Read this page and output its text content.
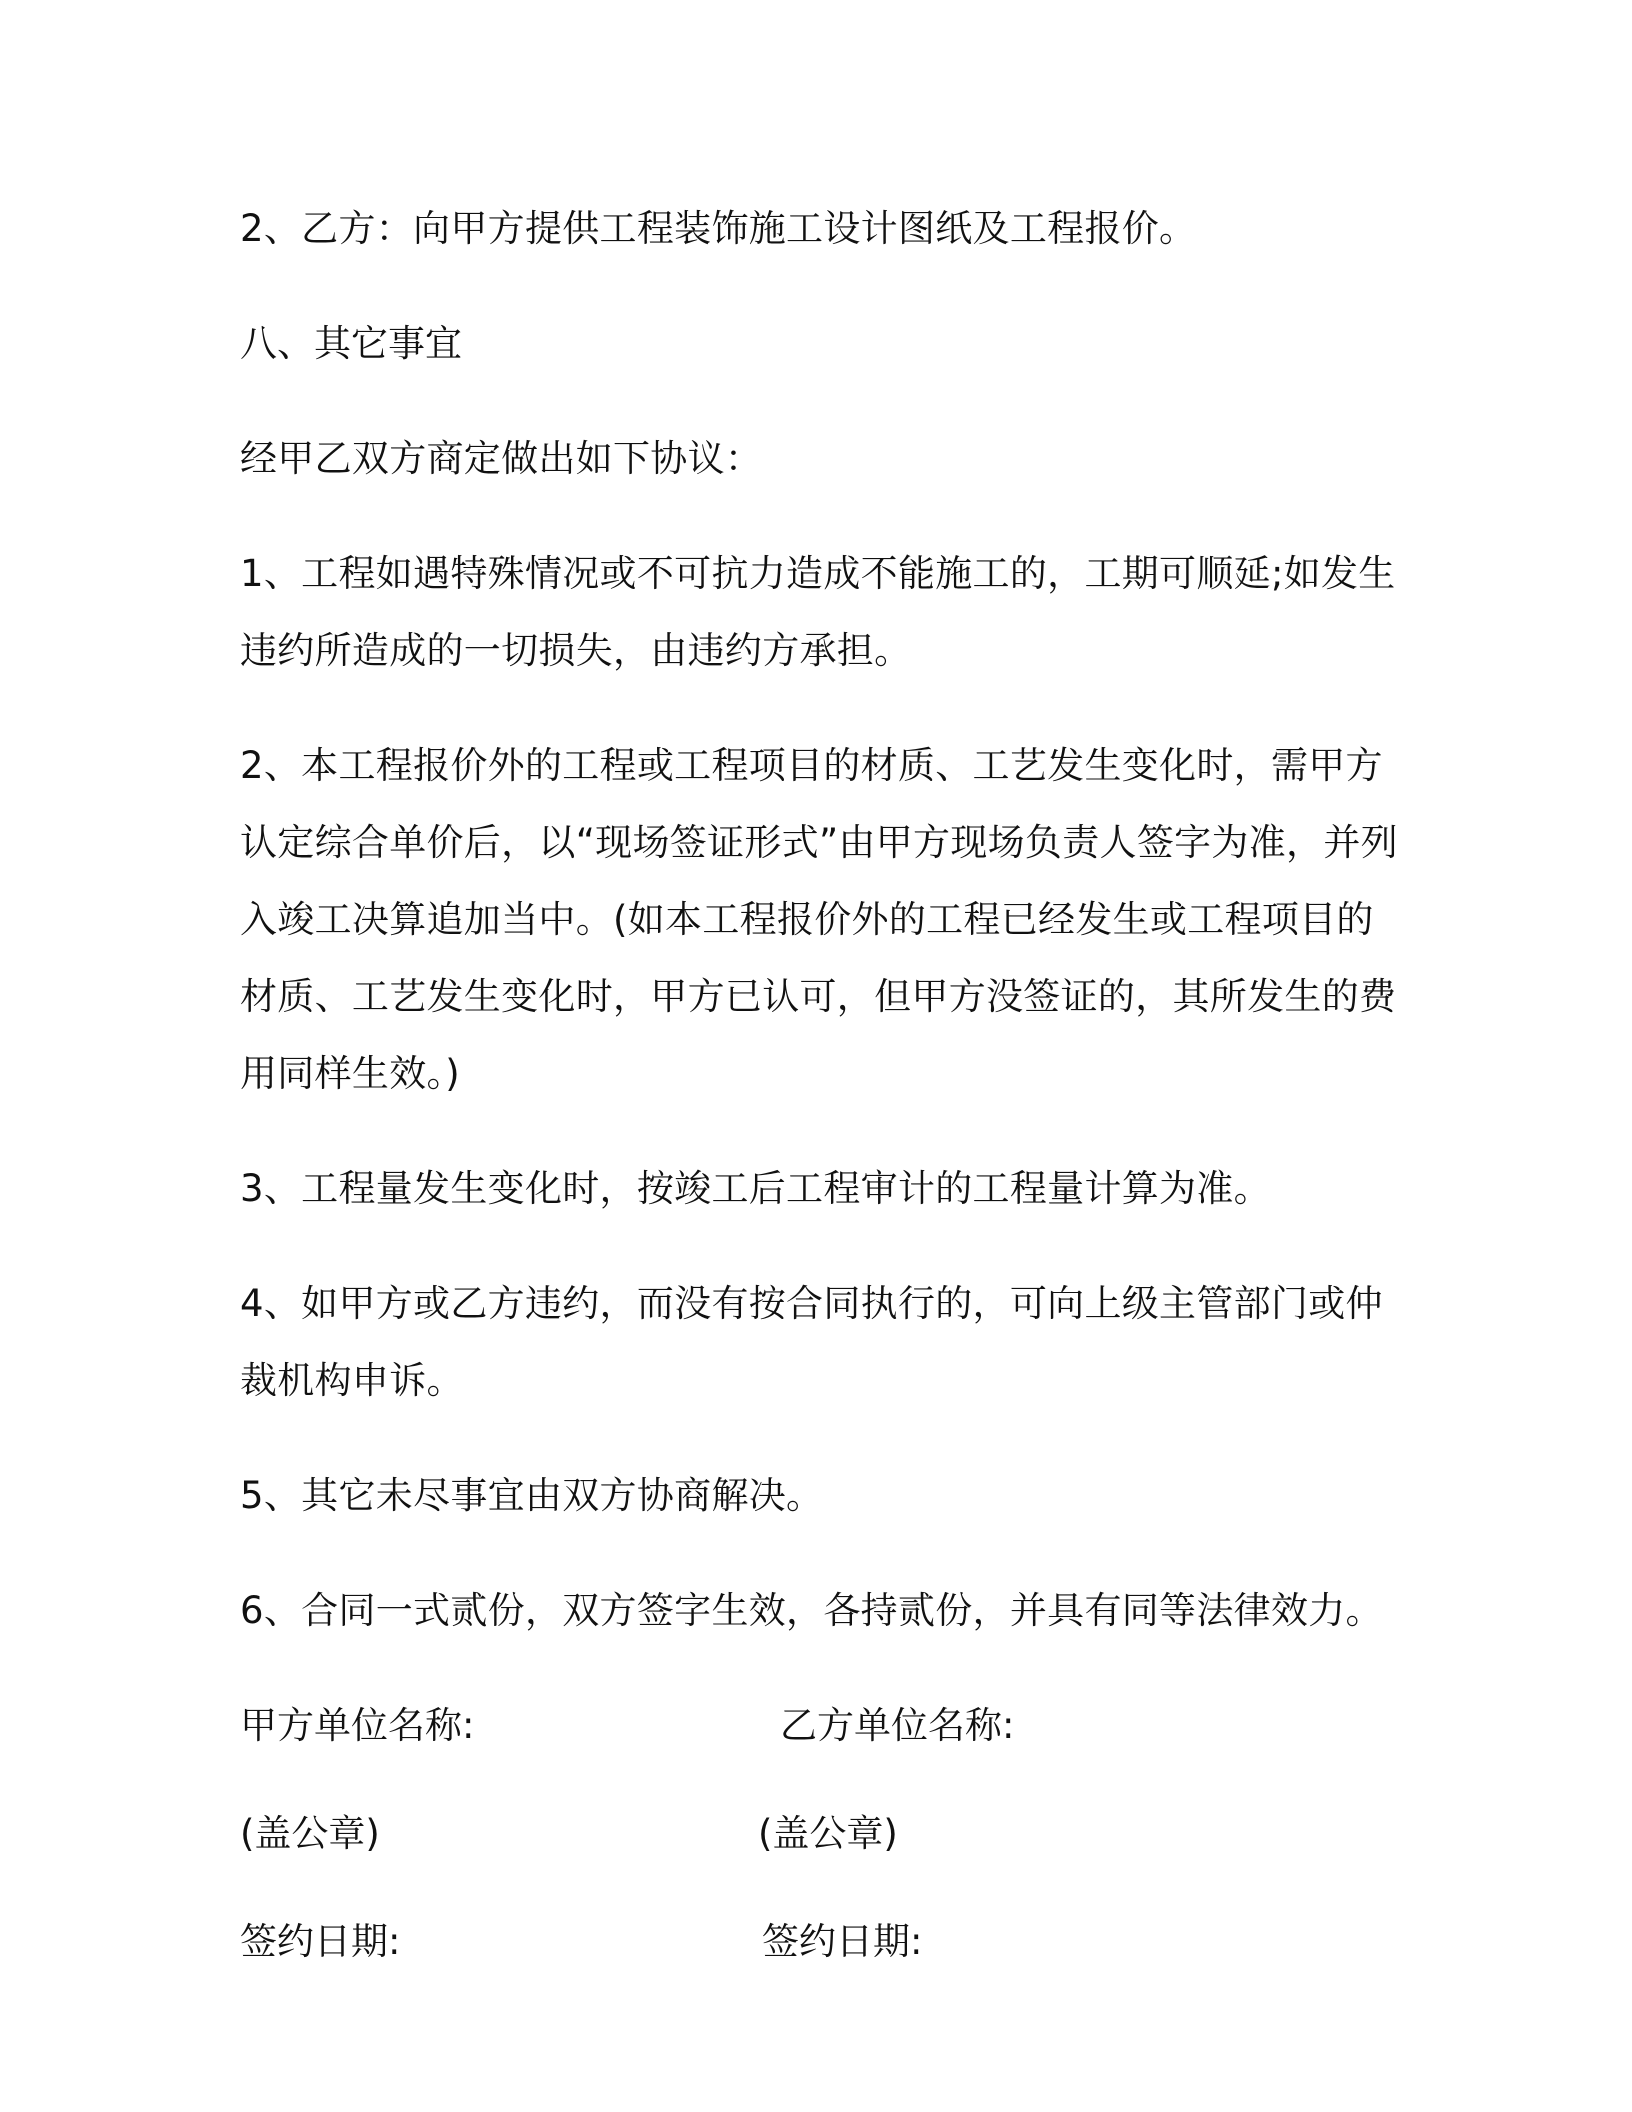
2、乙方：向甲方提供工程装饰施工设计图纸及工程报价。

八、其它事宜

经甲乙双方商定做出如下协议：

1、工程如遇特殊情况或不可抗力造成不能施工的，工期可顺延;如发生违约所造成的一切损失，由违约方承担。

2、本工程报价外的工程或工程项目的材质、工艺发生变化时，需甲方认定综合单价后，以“现场签证形式”由甲方现场负责人签字为准，并列入竣工决算追加当中。(如本工程报价外的工程已经发生或工程项目的材质、工艺发生变化时，甲方已认可，但甲方没签证的，其所发生的费用同样生效。)

3、工程量发生变化时，按竣工后工程审计的工程量计算为准。

4、如甲方或乙方违约，而没有按合同执行的，可向上级主管部门或仲裁机构申诉。

5、其它未尽事宜由双方协商解决。

6、合同一式贰份，双方签字生效，各持贰份，并具有同等法律效力。

甲方单位名称:	乙方单位名称:
(盖公章)	(盖公章)
签约日期:	签约日期:
